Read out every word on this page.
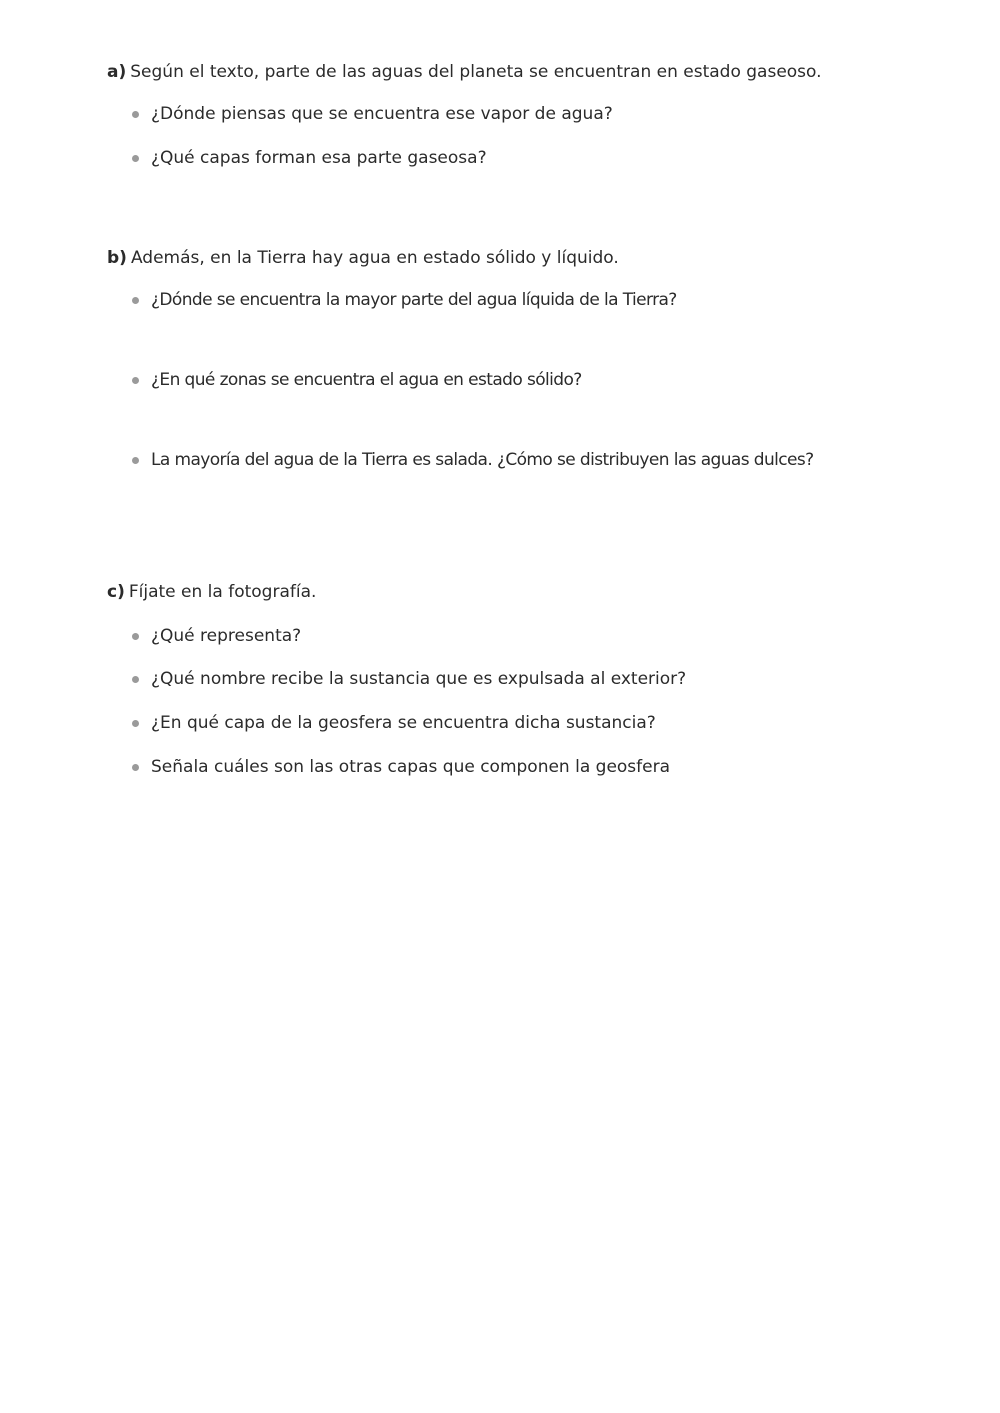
a) Según el texto, parte de las aguas del planeta se encuentran en estado gaseoso.
¿Dónde piensas que se encuentra ese vapor de agua?
¿Qué capas forman esa parte gaseosa?
b) Además, en la Tierra hay agua en estado sólido y líquido.
¿Dónde se encuentra la mayor parte del agua líquida de la Tierra?
¿En qué zonas se encuentra el agua en estado sólido?
La mayoría del agua de la Tierra es salada. ¿Cómo se distribuyen las aguas dulces?
c) Fíjate en la fotografía.
¿Qué representa?
¿Qué nombre recibe la sustancia que es expulsada al exterior?
¿En qué capa de la geosfera se encuentra dicha sustancia?
Señala cuáles son las otras capas que componen la geosfera
